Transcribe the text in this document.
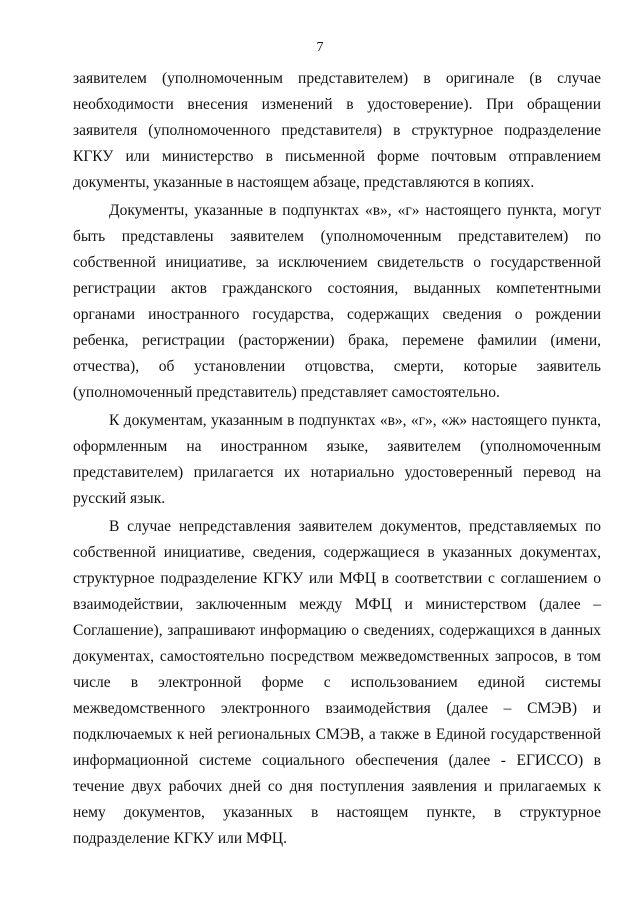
7

заявителем (уполномоченным представителем) в оригинале (в случае необходимости внесения изменений в удостоверение). При обращении заявителя (уполномоченного представителя) в структурное подразделение КГКУ или министерство в письменной форме почтовым отправлением документы, указанные в настоящем абзаце, представляются в копиях.

Документы, указанные в подпунктах «в», «г» настоящего пункта, могут быть представлены заявителем (уполномоченным представителем) по собственной инициативе, за исключением свидетельств о государственной регистрации актов гражданского состояния, выданных компетентными органами иностранного государства, содержащих сведения о рождении ребенка, регистрации (расторжении) брака, перемене фамилии (имени, отчества), об установлении отцовства, смерти, которые заявитель (уполномоченный представитель) представляет самостоятельно.

К документам, указанным в подпунктах «в», «г», «ж» настоящего пункта, оформленным на иностранном языке, заявителем (уполномоченным представителем) прилагается их нотариально удостоверенный перевод на русский язык.

В случае непредставления заявителем документов, представляемых по собственной инициативе, сведения, содержащиеся в указанных документах, структурное подразделение КГКУ или МФЦ в соответствии с соглашением о взаимодействии, заключенным между МФЦ и министерством (далее – Соглашение), запрашивают информацию о сведениях, содержащихся в данных документах, самостоятельно посредством межведомственных запросов, в том числе в электронной форме с использованием единой системы межведомственного электронного взаимодействия (далее – СМЭВ) и подключаемых к ней региональных СМЭВ, а также в Единой государственной информационной системе социального обеспечения (далее - ЕГИССО) в течение двух рабочих дней со дня поступления заявления и прилагаемых к нему документов, указанных в настоящем пункте, в структурное подразделение КГКУ или МФЦ.
